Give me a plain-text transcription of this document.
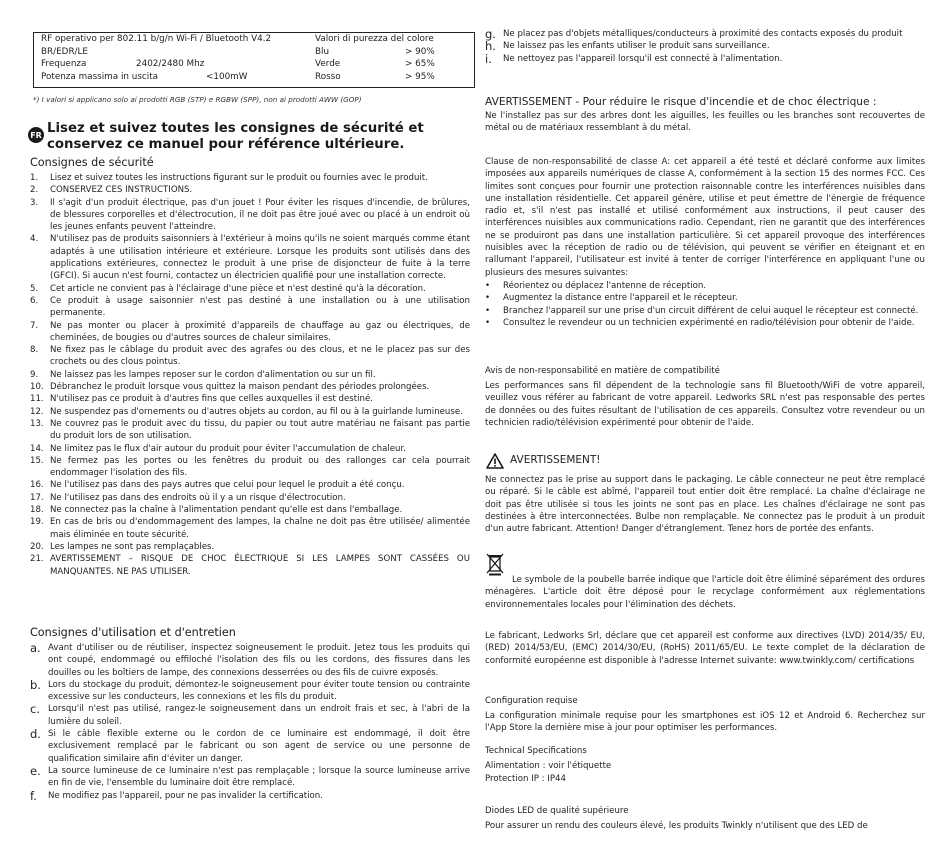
RF operativo per 802.11 b/g/n Wi-Fi / Bluetooth V4.2
BR/EDR/LE
Frequenza	2402/2480 Mhz
Potenza massima in uscita	<100mW
Valori di purezza del colore
Blu	> 90%
Verde	> 65%
Rosso	> 95%
*) I valori si applicano solo ai prodotti RGB (STP) e RGBW (SPP), non ai prodotti AWW (GOP)
FR Lisez et suivez toutes les consignes de sécurité et conservez ce manuel pour référence ultérieure.
Consignes de sécurité
1.	Lisez et suivez toutes les instructions figurant sur le produit ou fournies avec le produit.
2.	CONSERVEZ CES INSTRUCTIONS.
3.	Il s'agit d'un produit électrique, pas d'un jouet ! Pour éviter les risques d'incendie, de brûlures, de blessures corporelles et d'électrocution, il ne doit pas être joué avec ou placé à un endroit où les jeunes enfants peuvent l'atteindre.
4.	N'utilisez pas de produits saisonniers à l'extérieur à moins qu'ils ne soient marqués comme étant adaptés à une utilisation intérieure et extérieure. Lorsque les produits sont utilisés dans des applications extérieures, connectez le produit à une prise de disjoncteur de fuite à la terre (GFCI). Si aucun n'est fourni, contactez un électricien qualifié pour une installation correcte.
5.	Cet article ne convient pas à l'éclairage d'une pièce et n'est destiné qu'à la décoration.
6.	Ce produit à usage saisonnier n'est pas destiné à une installation ou à une utilisation permanente.
7.	Ne pas monter ou placer à proximité d'appareils de chauffage au gaz ou électriques, de cheminées, de bougies ou d'autres sources de chaleur similaires.
8.	Ne fixez pas le câblage du produit avec des agrafes ou des clous, et ne le placez pas sur des crochets ou des clous pointus.
9.	Ne laissez pas les lampes reposer sur le cordon d'alimentation ou sur un fil.
10. Débranchez le produit lorsque vous quittez la maison pendant des périodes prolongées.
11. N'utilisez pas ce produit à d'autres fins que celles auxquelles il est destiné.
12. Ne suspendez pas d'ornements ou d'autres objets au cordon, au fil ou à la guirlande lumineuse.
13. Ne couvrez pas le produit avec du tissu, du papier ou tout autre matériau ne faisant pas partie du produit lors de son utilisation.
14. Ne limitez pas le flux d'air autour du produit pour éviter l'accumulation de chaleur.
15. Ne fermez pas les portes ou les fenêtres du produit ou des rallonges car cela pourrait endommager l'isolation des fils.
16. Ne l'utilisez pas dans des pays autres que celui pour lequel le produit a été conçu.
17. Ne l'utilisez pas dans des endroits où il y a un risque d'électrocution.
18. Ne connectez pas la chaîne à l'alimentation pendant qu'elle est dans l'emballage.
19. En cas de bris ou d'endommagement des lampes, la chaîne ne doit pas être utilisée/ alimentée mais éliminée en toute sécurité.
20. Les lampes ne sont pas remplaçables.
21. AVERTISSEMENT – RISQUE DE CHOC ÉLECTRIQUE SI LES LAMPES SONT CASSÉES OU MANQUANTES. NE PAS UTILISER.
Consignes d'utilisation et d'entretien
a. Avant d'utiliser ou de réutiliser, inspectez soigneusement le produit. Jetez tous les produits qui ont coupé, endommagé ou effiloché l'isolation des fils ou les cordons, des fissures dans les douilles ou les boîtiers de lampe, des connexions desserrées ou des fils de cuivre exposés.
b. Lors du stockage du produit, démontez-le soigneusement pour éviter toute tension ou contrainte excessive sur les conducteurs, les connexions et les fils du produit.
c. Lorsqu'il n'est pas utilisé, rangez-le soigneusement dans un endroit frais et sec, à l'abri de la lumière du soleil.
d. Si le câble flexible externe ou le cordon de ce luminaire est endommagé, il doit être exclusivement remplacé par le fabricant ou son agent de service ou une personne de qualification similaire afin d'éviter un danger.
e. La source lumineuse de ce luminaire n'est pas remplaçable ; lorsque la source lumineuse arrive en fin de vie, l'ensemble du luminaire doit être remplacé.
f.	Ne modifiez pas l'appareil, pour ne pas invalider la certification.
g. Ne placez pas d'objets métalliques/conducteurs à proximité des contacts exposés du produit
h. Ne laissez pas les enfants utiliser le produit sans surveillance.
i.	Ne nettoyez pas l'appareil lorsqu'il est connecté à l'alimentation.
AVERTISSEMENT - Pour réduire le risque d'incendie et de choc électrique :
Ne l'installez pas sur des arbres dont les aiguilles, les feuilles ou les branches sont recouvertes de métal ou de matériaux ressemblant à du métal.
Clause de non-responsabilité de classe A: cet appareil a été testé et déclaré conforme aux limites imposées aux appareils numériques de classe A, conformément à la section 15 des normes FCC. Ces limites sont conçues pour fournir une protection raisonnable contre les interférences nuisibles dans une installation résidentielle. Cet appareil génère, utilise et peut émettre de l'énergie de fréquence radio et, s'il n'est pas installé et utilisé conformément aux instructions, il peut causer des interférences nuisibles aux communications radio. Cependant, rien ne garantit que des interférences ne se produiront pas dans une installation particulière. Si cet appareil provoque des interférences nuisibles avec la réception de radio ou de télévision, qui peuvent se vérifier en éteignant et en rallumant l'appareil, l'utilisateur est invité à tenter de corriger l'interférence en appliquant l'une ou plusieurs des mesures suivantes:
•	Réorientez ou déplacez l'antenne de réception.
•	Augmentez la distance entre l'appareil et le récepteur.
•	Branchez l'appareil sur une prise d'un circuit différent de celui auquel le récepteur est connecté.
•	Consultez le revendeur ou un technicien expérimenté en radio/télévision pour obtenir de l'aide.
Avis de non-responsabilité en matière de compatibilité
Les performances sans fil dépendent de la technologie sans fil Bluetooth/WiFi de votre appareil, veuillez vous référer au fabricant de votre appareil. Ledworks SRL n'est pas responsable des pertes de données ou des fuites résultant de l'utilisation de ces appareils. Consultez votre revendeur ou un technicien radio/télévision expérimenté pour obtenir de l'aide.
AVERTISSEMENT!
Ne connectez pas le prise au support dans le packaging. Le câble connecteur ne peut être remplacé ou réparé. Si le câble est abîmé, l'appareil tout entier doit être remplacé. La chaîne d'éclairage ne doit pas être utilisée si tous les joints ne sont pas en place. Les chaînes d'éclairage ne sont pas destinées à être interconnectées. Bulbe non remplaçable. Ne connectez pas le produit à un produit d'un autre fabricant. Attention! Danger d'étranglement. Tenez hors de portée des enfants.
Le symbole de la poubelle barrée indique que l'article doit être éliminé séparément des ordures ménagères. L'article doit être déposé pour le recyclage conformément aux réglementations environnementales locales pour l'élimination des déchets.
Le fabricant, Ledworks Srl, déclare que cet appareil est conforme aux directives (LVD) 2014/35/ EU, (RED) 2014/53/EU, (EMC) 2014/30/EU, (RoHS) 2011/65/EU. Le texte complet de la déclaration de conformité européenne est disponible à l'adresse Internet suivante: www.twinkly.com/ certifications
Configuration requise
La configuration minimale requise pour les smartphones est iOS 12 et Android 6. Recherchez sur l'App Store la dernière mise à jour pour optimiser les performances.
Technical Specifications
Alimentation : voir l'étiquette
Protection IP : IP44
Diodes LED de qualité supérieure
Pour assurer un rendu des couleurs élevé, les produits Twinkly n'utilisent que des LED de
